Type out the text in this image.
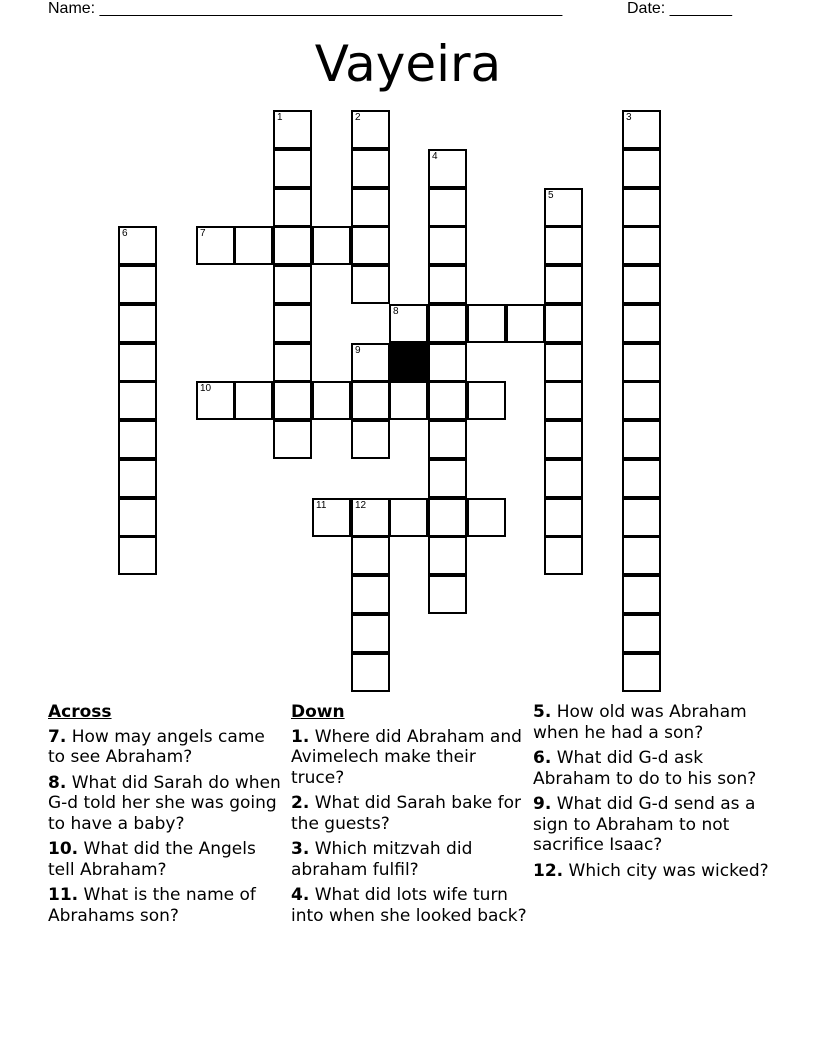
Name: ____________________________________________________	Date: _______
Vayeira
1	2	3
4
5
6	7
8
9
10
11	12
Across
7. How may angels came to see Abraham?
8. What did Sarah do when G-d told her she was going to have a baby?
10. What did the Angels tell Abraham?
11. What is the name of Abrahams son?
Down
1. Where did Abraham and Avimelech make their truce?
2. What did Sarah bake for the guests?
3. Which mitzvah did abraham fulfil?
4. What did lots wife turn into when she looked back?
5. How old was Abraham when he had a son?
6. What did G-d ask Abraham to do to his son?
9. What did G-d send as a sign to Abraham to not sacrifice Isaac?
12. Which city was wicked?
